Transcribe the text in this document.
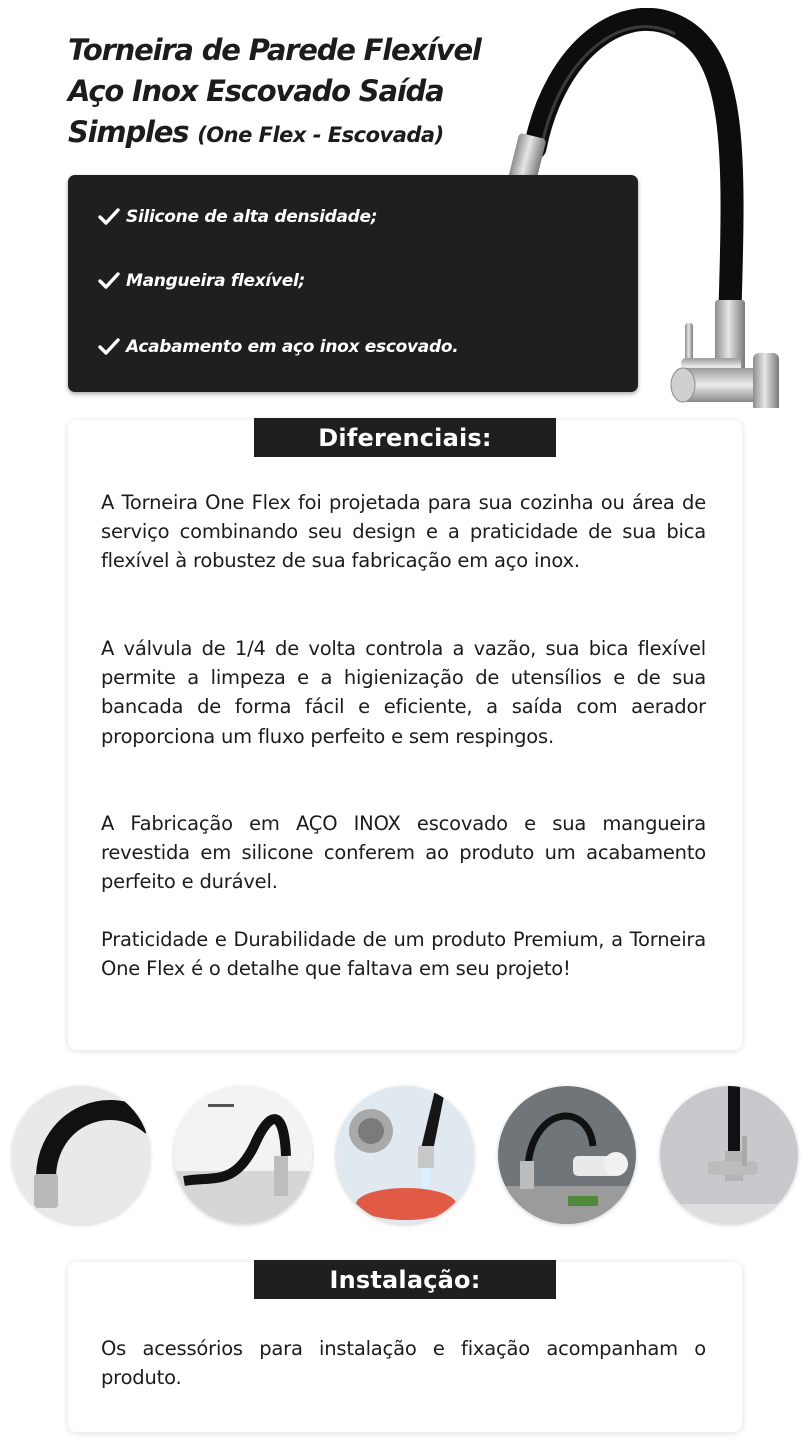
Torneira de Parede Flexível
Aço Inox Escovado Saída
Simples (One Flex - Escovada)
Silicone de alta densidade;
Mangueira flexível;
Acabamento em aço inox escovado.
Diferenciais:

A Torneira One Flex foi projetada para sua cozinha ou área de serviço combinando seu design e a praticidade de sua bica flexível à robustez de sua fabricação em aço inox.

A válvula de 1/4 de volta controla a vazão, sua bica flexível permite a limpeza e a higienização de utensílios e de sua bancada de forma fácil e eficiente, a saída com aerador proporciona um fluxo perfeito e sem respingos.

A Fabricação em AÇO INOX escovado e sua mangueira revestida em silicone conferem ao produto um acabamento perfeito e durável.

Praticidade e Durabilidade de um produto Premium, a Torneira One Flex é o detalhe que faltava em seu projeto!

Instalação:

Os acessórios para instalação e fixação acompanham o produto.
